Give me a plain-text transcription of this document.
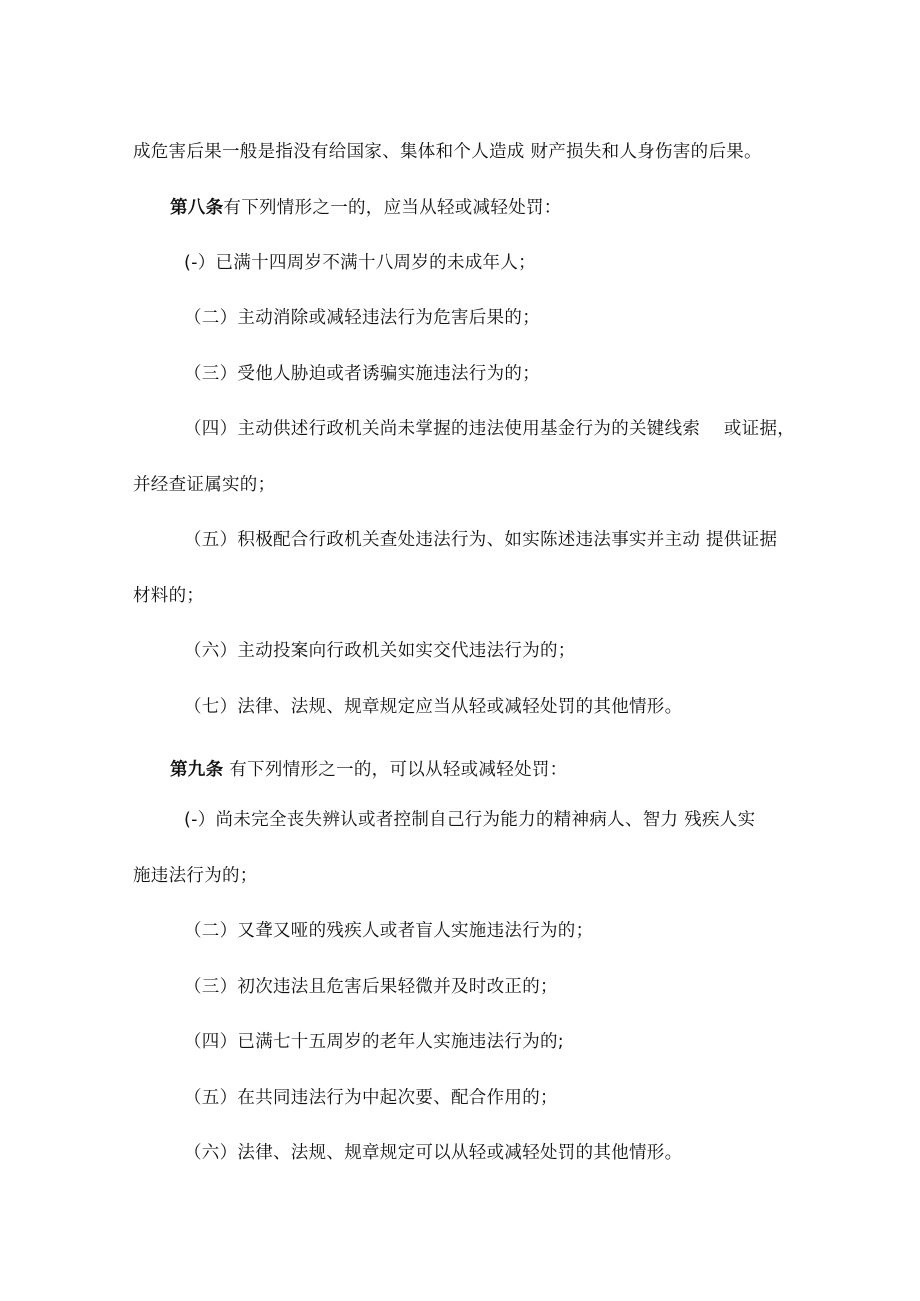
成危害后果一般是指没有给国家、集体和个人造成 财产损失和人身伤害的后果。
第八条有下列情形之一的，应当从轻或减轻处罚：
(-）已满十四周岁不满十八周岁的未成年人；
（二）主动消除或减轻违法行为危害后果的；
（三）受他人胁迫或者诱骗实施违法行为的；
（四）主动供述行政机关尚未掌握的违法使用基金行为的关键线索　 或证据，
并经查证属实的；
（五）积极配合行政机关查处违法行为、如实陈述违法事实并主动 提供证据
材料的；
（六）主动投案向行政机关如实交代违法行为的；
（七）法律、法规、规章规定应当从轻或减轻处罚的其他情形。
第九条 有下列情形之一的，可以从轻或减轻处罚：
(-）尚未完全丧失辨认或者控制自己行为能力的精神病人、智力 残疾人实
施违法行为的；
（二）又聋又哑的残疾人或者盲人实施违法行为的；
（三）初次违法且危害后果轻微并及时改正的；
（四）已满七十五周岁的老年人实施违法行为的;
（五）在共同违法行为中起次要、配合作用的；
（六）法律、法规、规章规定可以从轻或减轻处罚的其他情形。
